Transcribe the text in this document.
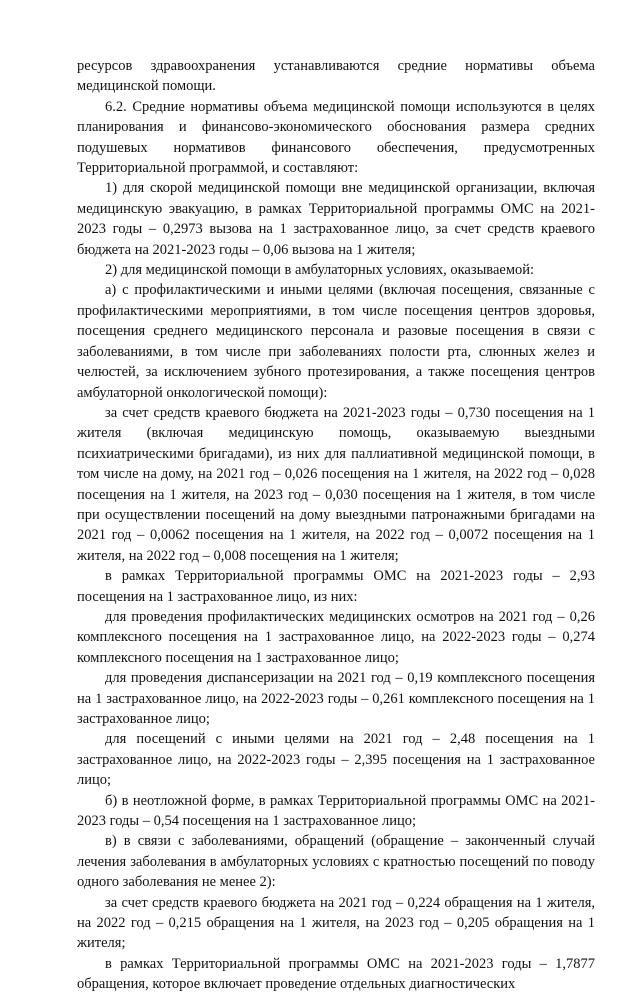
ресурсов здравоохранения устанавливаются средние нормативы объема медицинской помощи.

6.2. Средние нормативы объема медицинской помощи используются в целях планирования и финансово-экономического обоснования размера средних подушевых нормативов финансового обеспечения, предусмотренных Территориальной программой, и составляют:

1) для скорой медицинской помощи вне медицинской организации, включая медицинскую эвакуацию, в рамках Территориальной программы ОМС на 2021-2023 годы – 0,2973 вызова на 1 застрахованное лицо, за счет средств краевого бюджета на 2021-2023 годы – 0,06 вызова на 1 жителя;

2) для медицинской помощи в амбулаторных условиях, оказываемой:

а) с профилактическими и иными целями (включая посещения, связанные с профилактическими мероприятиями, в том числе посещения центров здоровья, посещения среднего медицинского персонала и разовые посещения в связи с заболеваниями, в том числе при заболеваниях полости рта, слюнных желез и челюстей, за исключением зубного протезирования, а также посещения центров амбулаторной онкологической помощи):

за счет средств краевого бюджета на 2021-2023 годы – 0,730 посещения на 1 жителя (включая медицинскую помощь, оказываемую выездными психиатрическими бригадами), из них для паллиативной медицинской помощи, в том числе на дому, на 2021 год – 0,026 посещения на 1 жителя, на 2022 год – 0,028 посещения на 1 жителя, на 2023 год – 0,030 посещения на 1 жителя, в том числе при осуществлении посещений на дому выездными патронажными бригадами на 2021 год – 0,0062 посещения на 1 жителя, на 2022 год – 0,0072 посещения на 1 жителя, на 2022 год – 0,008 посещения на 1 жителя;

в рамках Территориальной программы ОМС на 2021-2023 годы – 2,93 посещения на 1 застрахованное лицо, из них:

для проведения профилактических медицинских осмотров на 2021 год – 0,26 комплексного посещения на 1 застрахованное лицо, на 2022-2023 годы – 0,274 комплексного посещения на 1 застрахованное лицо;

для проведения диспансеризации на 2021 год – 0,19 комплексного посещения на 1 застрахованное лицо, на 2022-2023 годы – 0,261 комплексного посещения на 1 застрахованное лицо;

для посещений с иными целями на 2021 год – 2,48 посещения на 1 застрахованное лицо, на 2022-2023 годы – 2,395 посещения на 1 застрахованное лицо;

б) в неотложной форме, в рамках Территориальной программы ОМС на 2021-2023 годы – 0,54 посещения на 1 застрахованное лицо;

в) в связи с заболеваниями, обращений (обращение – законченный случай лечения заболевания в амбулаторных условиях с кратностью посещений по поводу одного заболевания не менее 2):

за счет средств краевого бюджета на 2021 год – 0,224 обращения на 1 жителя, на 2022 год – 0,215 обращения на 1 жителя, на 2023 год – 0,205 обращения на 1 жителя;

в рамках Территориальной программы ОМС на 2021-2023 годы – 1,7877 обращения, которое включает проведение отдельных диагностических
